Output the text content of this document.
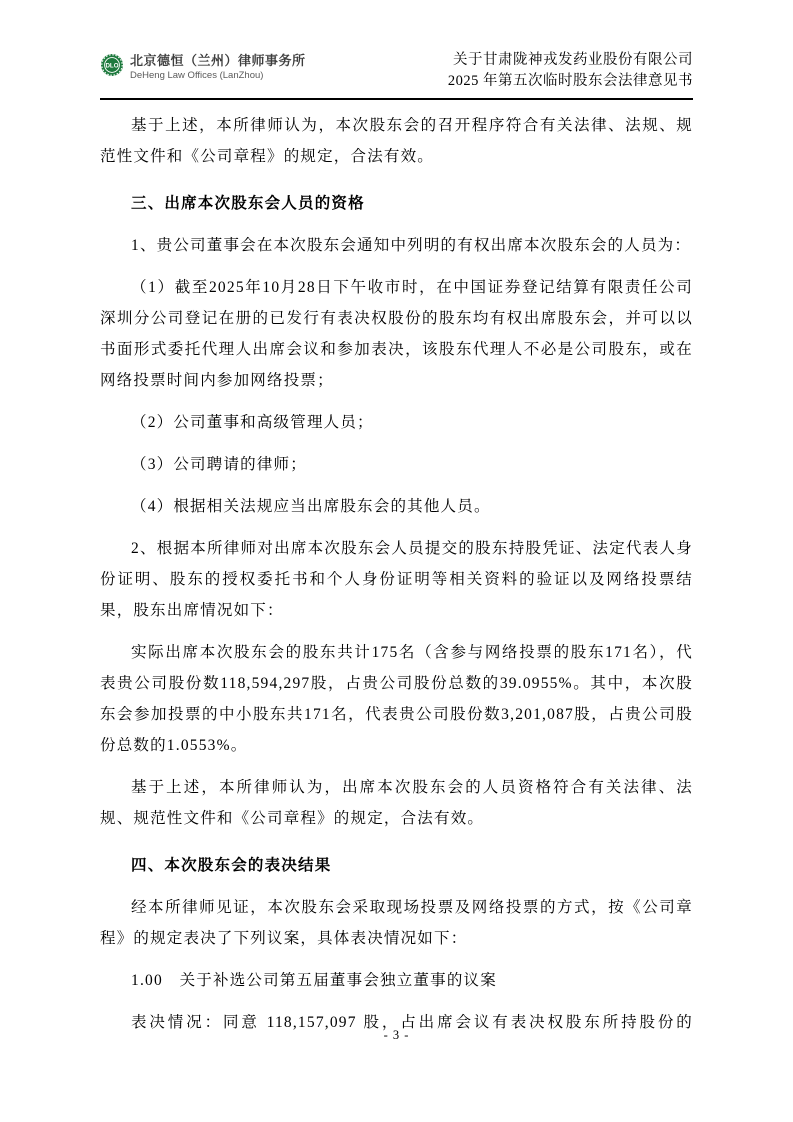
DLO 北京德恒（兰州）律师事务所
DeHeng Law Offices (LanZhou)
关于甘肃陇神戎发药业股份有限公司
2025 年第五次临时股东会法律意见书

基于上述，本所律师认为，本次股东会的召开程序符合有关法律、法规、规范性文件和《公司章程》的规定，合法有效。

三、出席本次股东会人员的资格

1、贵公司董事会在本次股东会通知中列明的有权出席本次股东会的人员为：

（1）截至2025年10月28日下午收市时，在中国证券登记结算有限责任公司深圳分公司登记在册的已发行有表决权股份的股东均有权出席股东会，并可以以书面形式委托代理人出席会议和参加表决，该股东代理人不必是公司股东，或在网络投票时间内参加网络投票；

（2）公司董事和高级管理人员；

（3）公司聘请的律师；

（4）根据相关法规应当出席股东会的其他人员。

2、根据本所律师对出席本次股东会人员提交的股东持股凭证、法定代表人身份证明、股东的授权委托书和个人身份证明等相关资料的验证以及网络投票结果，股东出席情况如下：

实际出席本次股东会的股东共计175名（含参与网络投票的股东171名），代表贵公司股份数118,594,297股，占贵公司股份总数的39.0955%。其中，本次股东会参加投票的中小股东共171名，代表贵公司股份数3,201,087股，占贵公司股份总数的1.0553%。

基于上述，本所律师认为，出席本次股东会的人员资格符合有关法律、法规、规范性文件和《公司章程》的规定，合法有效。

四、本次股东会的表决结果

经本所律师见证，本次股东会采取现场投票及网络投票的方式，按《公司章程》的规定表决了下列议案，具体表决情况如下：

1.00　关于补选公司第五届董事会独立董事的议案

表决情况：同意 118,157,097 股，占出席会议有表决权股东所持股份的

- 3 -
